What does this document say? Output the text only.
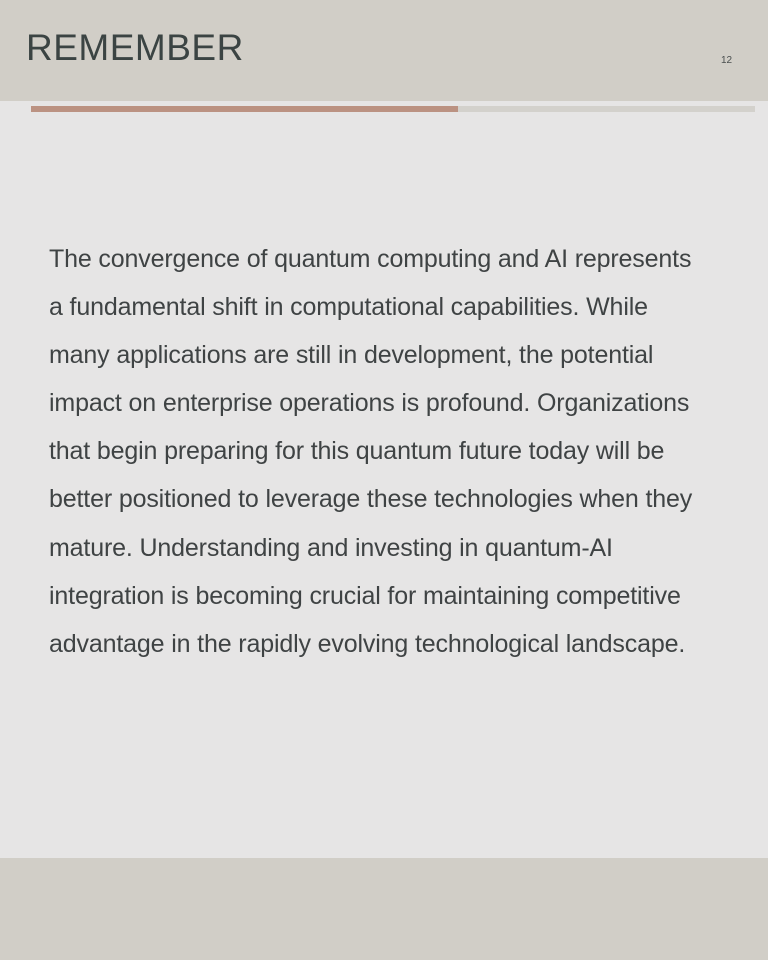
REMEMBER	12

The convergence of quantum computing and AI represents a fundamental shift in computational capabilities. While many applications are still in development, the potential impact on enterprise operations is profound. Organizations that begin preparing for this quantum future today will be better positioned to leverage these technologies when they mature. Understanding and investing in quantum-AI integration is becoming crucial for maintaining competitive advantage in the rapidly evolving technological landscape.
